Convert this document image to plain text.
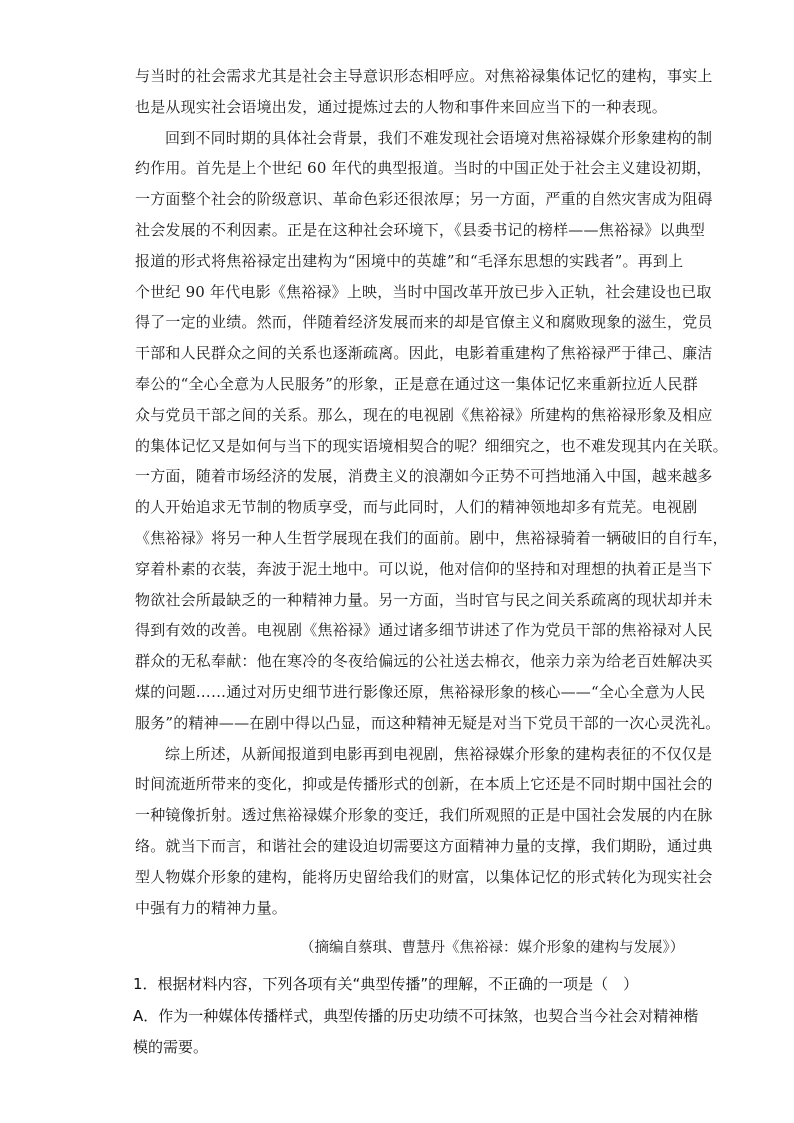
与当时的社会需求尤其是社会主导意识形态相呼应。对焦裕禄集体记忆的建构，事实上
也是从现实社会语境出发，通过提炼过去的人物和事件来回应当下的一种表现。
回到不同时期的具体社会背景，我们不难发现社会语境对焦裕禄媒介形象建构的制
约作用。首先是上个世纪 60 年代的典型报道。当时的中国正处于社会主义建设初期，
一方面整个社会的阶级意识、革命色彩还很浓厚；另一方面，严重的自然灾害成为阻碍
社会发展的不利因素。正是在这种社会环境下，《县委书记的榜样——焦裕禄》以典型
报道的形式将焦裕禄定出建构为“困境中的英雄”和“毛泽东思想的实践者”。再到上
个世纪 90 年代电影《焦裕禄》上映，当时中国改革开放已步入正轨，社会建设也已取
得了一定的业绩。然而，伴随着经济发展而来的却是官僚主义和腐败现象的滋生，党员
干部和人民群众之间的关系也逐渐疏离。因此，电影着重建构了焦裕禄严于律己、廉洁
奉公的“全心全意为人民服务”的形象，正是意在通过这一集体记忆来重新拉近人民群
众与党员干部之间的关系。那么，现在的电视剧《焦裕禄》所建构的焦裕禄形象及相应
的集体记忆又是如何与当下的现实语境相契合的呢？细细究之，也不难发现其内在关联。
一方面，随着市场经济的发展，消费主义的浪潮如今正势不可挡地涌入中国，越来越多
的人开始追求无节制的物质享受，而与此同时，人们的精神领地却多有荒芜。电视剧
《焦裕禄》将另一种人生哲学展现在我们的面前。剧中，焦裕禄骑着一辆破旧的自行车，
穿着朴素的衣装，奔波于泥土地中。可以说，他对信仰的坚持和对理想的执着正是当下
物欲社会所最缺乏的一种精神力量。另一方面，当时官与民之间关系疏离的现状却并未
得到有效的改善。电视剧《焦裕禄》通过诸多细节讲述了作为党员干部的焦裕禄对人民
群众的无私奉献：他在寒冷的冬夜给偏远的公社送去棉衣，他亲力亲为给老百姓解决买
煤的问题……通过对历史细节进行影像还原，焦裕禄形象的核心——“全心全意为人民
服务”的精神——在剧中得以凸显，而这种精神无疑是对当下党员干部的一次心灵洗礼。
综上所述，从新闻报道到电影再到电视剧，焦裕禄媒介形象的建构表征的不仅仅是
时间流逝所带来的变化，抑或是传播形式的创新，在本质上它还是不同时期中国社会的
一种镜像折射。透过焦裕禄媒介形象的变迁，我们所观照的正是中国社会发展的内在脉
络。就当下而言，和谐社会的建设迫切需要这方面精神力量的支撑，我们期盼，通过典
型人物媒介形象的建构，能将历史留给我们的财富，以集体记忆的形式转化为现实社会
中强有力的精神力量。
（摘编自蔡琪、曹慧丹《焦裕禄：媒介形象的建构与发展》）
1．根据材料内容，下列各项有关“典型传播”的理解，不正确的一项是（　）
A．作为一种媒体传播样式，典型传播的历史功绩不可抹煞，也契合当今社会对精神楷
模的需要。
